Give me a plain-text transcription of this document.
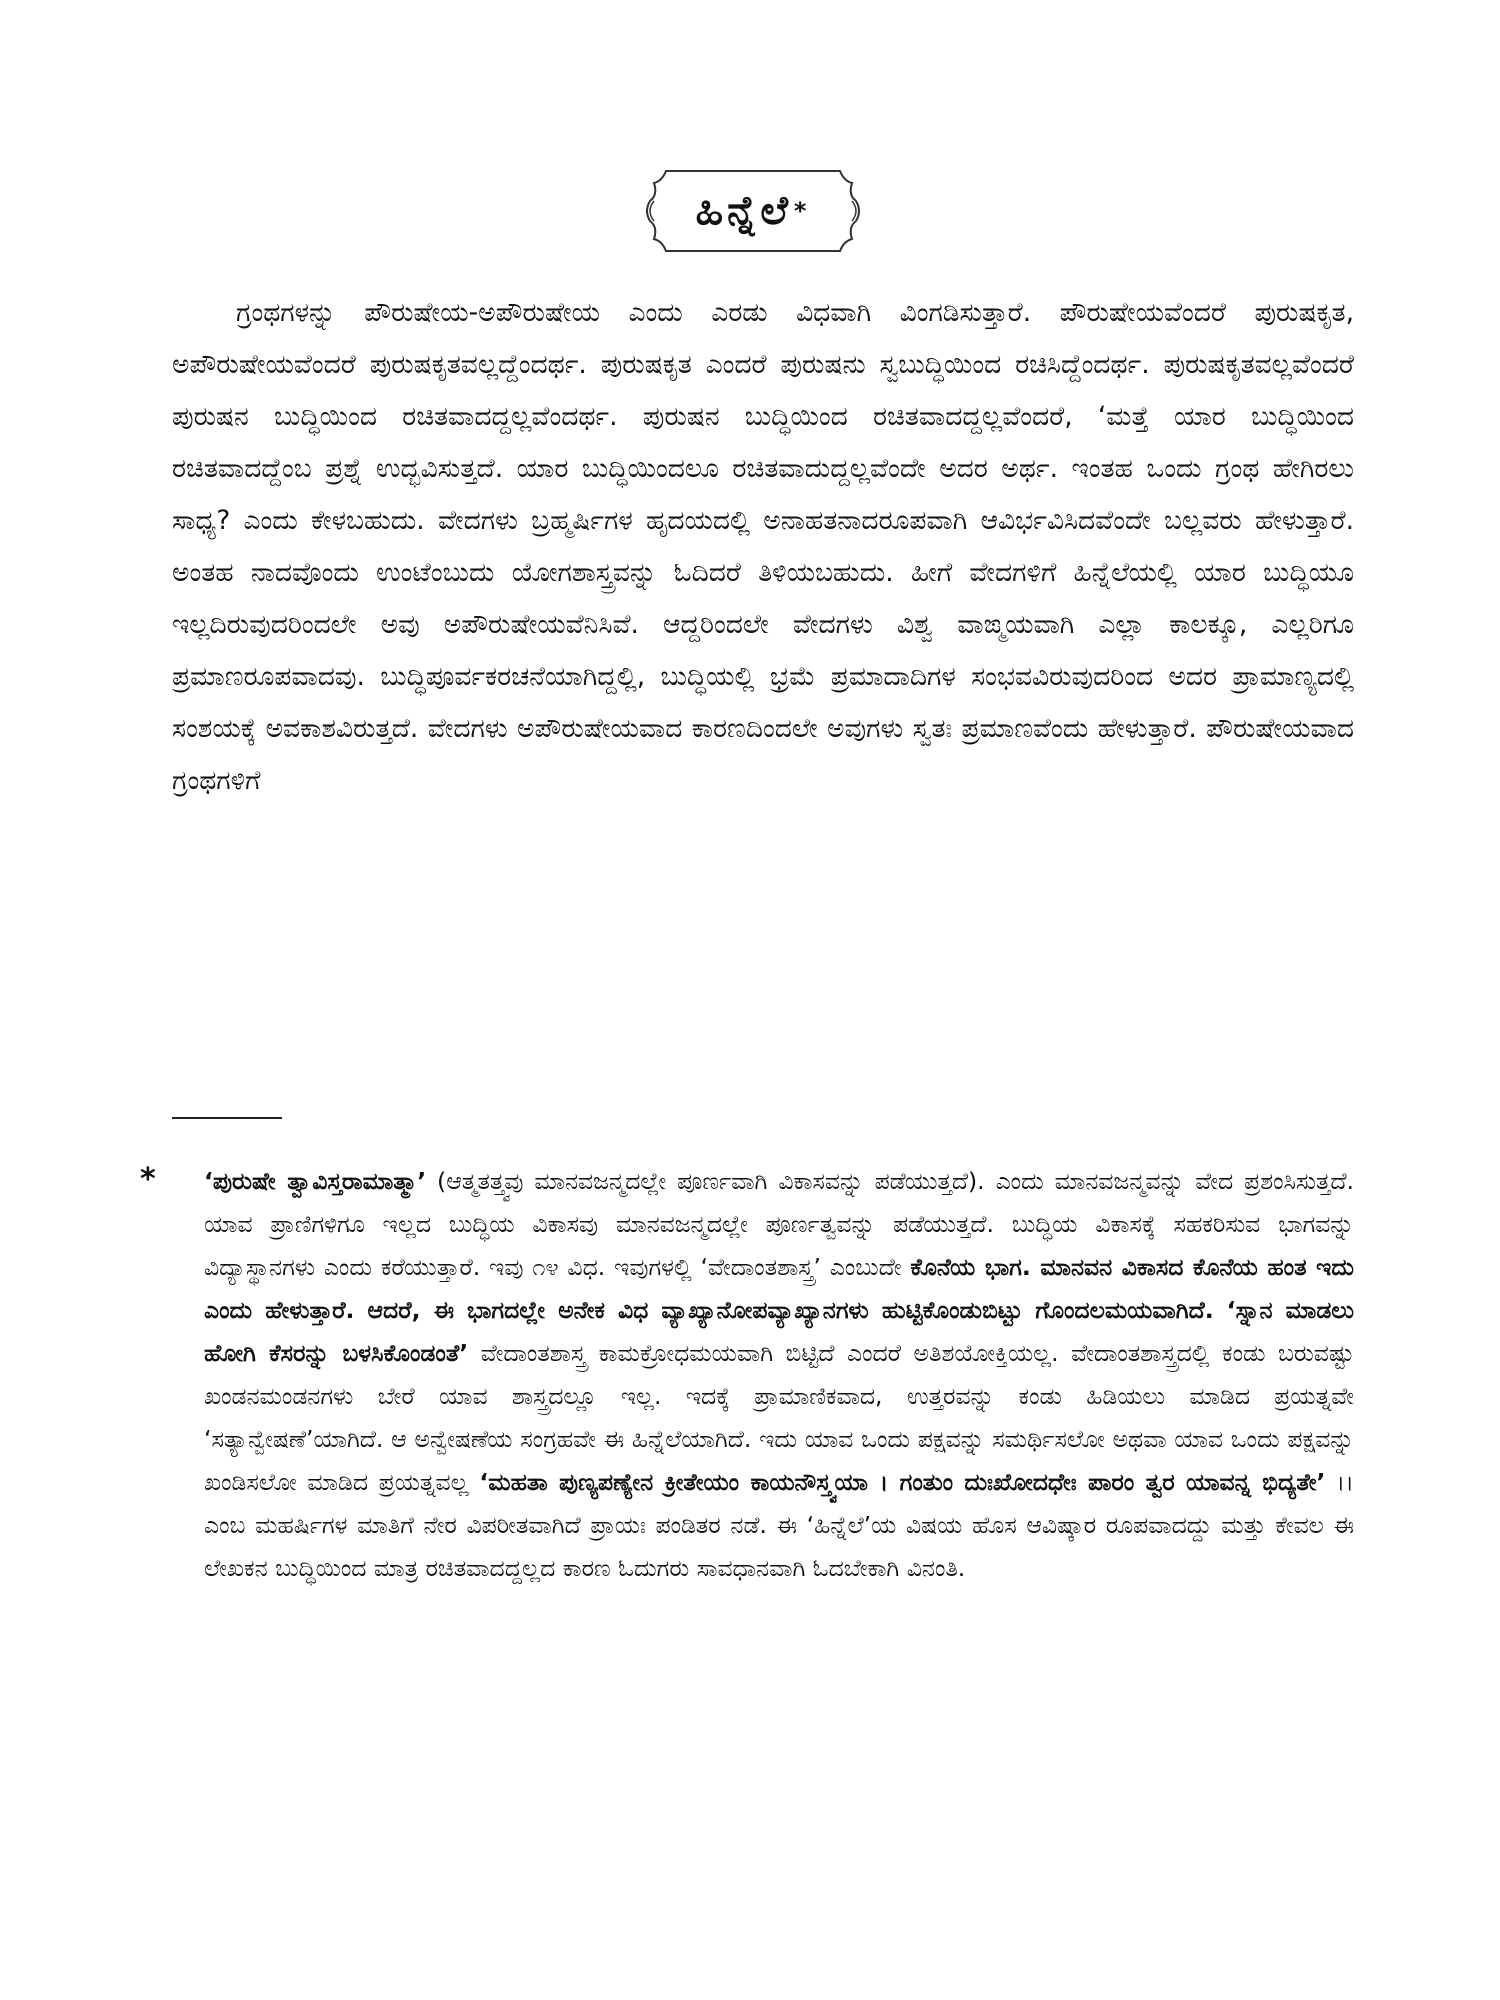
ಹಿನ್ನೆಲೆ *

ಗ್ರಂಥಗಳನ್ನು ಪೌರುಷೇಯ-ಅಪೌರುಷೇಯ ಎಂದು ಎರಡು ವಿಧವಾಗಿ ವಿಂಗಡಿಸುತ್ತಾರೆ. ಪೌರುಷೇಯವೆಂದರೆ ಪುರುಷಕೃತ, ಅಪೌರುಷೇಯವೆಂದರೆ ಪುರುಷಕೃತವಲ್ಲದ್ದೆಂದರ್ಥ. ಪುರುಷಕೃತ ಎಂದರೆ ಪುರುಷನು ಸ್ವಬುದ್ಧಿಯಿಂದ ರಚಿಸಿದ್ದೆಂದರ್ಥ. ಪುರುಷಕೃತವಲ್ಲವೆಂದರೆ ಪುರುಷನ ಬುದ್ಧಿಯಿಂದ ರಚಿತವಾದದ್ದಲ್ಲವೆಂದರ್ಥ. ಪುರುಷನ ಬುದ್ಧಿಯಿಂದ ರಚಿತವಾದದ್ದಲ್ಲವೆಂದರೆ, ‘ಮತ್ತೆ ಯಾರ ಬುದ್ಧಿಯಿಂದ ರಚಿತವಾದದ್ದೆಂಬ ಪ್ರಶ್ನೆ ಉದ್ಭವಿಸುತ್ತದೆ. ಯಾರ ಬುದ್ಧಿಯಿಂದಲೂ ರಚಿತವಾದುದ್ದಲ್ಲವೆಂದೇ ಅದರ ಅರ್ಥ. ಇಂತಹ ಒಂದು ಗ್ರಂಥ ಹೇಗಿರಲು ಸಾಧ್ಯ? ಎಂದು ಕೇಳಬಹುದು. ವೇದಗಳು ಬ್ರಹ್ಮರ್ಷಿಗಳ ಹೃದಯದಲ್ಲಿ ಅನಾಹತನಾದರೂಪವಾಗಿ ಆವಿರ್ಭವಿಸಿದವೆಂದೇ ಬಲ್ಲವರು ಹೇಳುತ್ತಾರೆ. ಅಂತಹ ನಾದವೊಂದು ಉಂಟೆಂಬುದು ಯೋಗಶಾಸ್ತ್ರವನ್ನು ಓದಿದರೆ ತಿಳಿಯಬಹುದು. ಹೀಗೆ ವೇದಗಳಿಗೆ ಹಿನ್ನೆಲೆಯಲ್ಲಿ ಯಾರ ಬುದ್ಧಿಯೂ ಇಲ್ಲದಿರುವುದರಿಂದಲೇ ಅವು ಅಪೌರುಷೇಯವೆನಿಸಿವೆ. ಆದ್ದರಿಂದಲೇ ವೇದಗಳು ವಿಶ್ವ ವಾಙ್ಮಯವಾಗಿ ಎಲ್ಲಾ ಕಾಲಕ್ಕೂ, ಎಲ್ಲರಿಗೂ ಪ್ರಮಾಣರೂಪವಾದವು. ಬುದ್ಧಿಪೂರ್ವಕರಚನೆಯಾಗಿದ್ದಲ್ಲಿ, ಬುದ್ಧಿಯಲ್ಲಿ ಭ್ರಮೆ ಪ್ರಮಾದಾದಿಗಳ ಸಂಭವವಿರುವುದರಿಂದ ಅದರ ಪ್ರಾಮಾಣ್ಯದಲ್ಲಿ ಸಂಶಯಕ್ಕೆ ಅವಕಾಶವಿರುತ್ತದೆ. ವೇದಗಳು ಅಪೌರುಷೇಯವಾದ ಕಾರಣದಿಂದಲೇ ಅವುಗಳು ಸ್ವತಃ ಪ್ರಮಾಣವೆಂದು ಹೇಳುತ್ತಾರೆ. ಪೌರುಷೇಯವಾದ ಗ್ರಂಥಗಳಿಗೆ

* ‘ಪುರುಷೇ ತ್ವಾವಿಸ್ತರಾಮಾತ್ಮಾ’ (ಆತ್ಮತತ್ತ್ವವು ಮಾನವಜನ್ಮದಲ್ಲೇ ಪೂರ್ಣವಾಗಿ ವಿಕಾಸವನ್ನು ಪಡೆಯುತ್ತದೆ). ಎಂದು ಮಾನವಜನ್ಮವನ್ನು ವೇದ ಪ್ರಶಂಸಿಸುತ್ತದೆ. ಯಾವ ಪ್ರಾಣಿಗಳಿಗೂ ಇಲ್ಲದ ಬುದ್ಧಿಯ ವಿಕಾಸವು ಮಾನವಜನ್ಮದಲ್ಲೇ ಪೂರ್ಣತ್ವವನ್ನು ಪಡೆಯುತ್ತದೆ. ಬುದ್ಧಿಯ ವಿಕಾಸಕ್ಕೆ ಸಹಕರಿಸುವ ಭಾಗವನ್ನು ವಿದ್ಯಾಸ್ಥಾನಗಳು ಎಂದು ಕರೆಯುತ್ತಾರೆ. ಇವು ೧೪ ವಿಧ. ಇವುಗಳಲ್ಲಿ ‘ವೇದಾಂತಶಾಸ್ತ್ರ’ ಎಂಬುದೇ ಕೊನೆಯ ಭಾಗ. ಮಾನವನ ವಿಕಾಸದ ಕೊನೆಯ ಹಂತ ಇದು ಎಂದು ಹೇಳುತ್ತಾರೆ. ಆದರೆ, ಈ ಭಾಗದಲ್ಲೇ ಅನೇಕ ವಿಧ ವ್ಯಾಖ್ಯಾನೋಪವ್ಯಾಖ್ಯಾನಗಳು ಹುಟ್ಟಿಕೊಂಡುಬಿಟ್ಟು ಗೊಂದಲಮಯವಾಗಿದೆ. ‘ಸ್ನಾನ ಮಾಡಲು ಹೋಗಿ ಕೆಸರನ್ನು ಬಳಸಿಕೊಂಡಂತೆ’ ವೇದಾಂತಶಾಸ್ತ್ರ ಕಾಮಕ್ರೋಧಮಯವಾಗಿ ಬಿಟ್ಟಿದೆ ಎಂದರೆ ಅತಿಶಯೋಕ್ತಿಯಲ್ಲ. ವೇದಾಂತಶಾಸ್ತ್ರದಲ್ಲಿ ಕಂಡು ಬರುವಷ್ಟು ಖಂಡನಮಂಡನಗಳು ಬೇರೆ ಯಾವ ಶಾಸ್ತ್ರದಲ್ಲೂ ಇಲ್ಲ. ಇದಕ್ಕೆ ಪ್ರಾಮಾಣಿಕವಾದ, ಉತ್ತರವನ್ನು ಕಂಡು ಹಿಡಿಯಲು ಮಾಡಿದ ಪ್ರಯತ್ನವೇ ‘ಸತ್ಯಾನ್ವೇಷಣೆ’ಯಾಗಿದೆ. ಆ ಅನ್ವೇಷಣೆಯ ಸಂಗ್ರಹವೇ ಈ ಹಿನ್ನೆಲೆಯಾಗಿದೆ. ಇದು ಯಾವ ಒಂದು ಪಕ್ಷವನ್ನು ಸಮರ್ಥಿಸಲೋ ಅಥವಾ ಯಾವ ಒಂದು ಪಕ್ಷವನ್ನು ಖಂಡಿಸಲೋ ಮಾಡಿದ ಪ್ರಯತ್ನವಲ್ಲ ‘ಮಹತಾ ಪುಣ್ಯಪಣ್ಯೇನ ಕ್ರೀತೇಯಂ ಕಾಯನೌಸ್ತ್ವಯಾ । ಗಂತುಂ ದುಃಖೋದಧೇಃ ಪಾರಂ ತ್ವರ ಯಾವನ್ನ ಭಿದ್ಯತೇ’ ।। ಎಂಬ ಮಹರ್ಷಿಗಳ ಮಾತಿಗೆ ನೇರ ವಿಪರೀತವಾಗಿದೆ ಪ್ರಾಯಃ ಪಂಡಿತರ ನಡೆ. ಈ ‘ಹಿನ್ನೆಲೆ’ಯ ವಿಷಯ ಹೊಸ ಆವಿಷ್ಕಾರ ರೂಪವಾದದ್ದು ಮತ್ತು ಕೇವಲ ಈ ಲೇಖಕನ ಬುದ್ಧಿಯಿಂದ ಮಾತ್ರ ರಚಿತವಾದದ್ದಲ್ಲದ ಕಾರಣ ಓದುಗರು ಸಾವಧಾನವಾಗಿ ಓದಬೇಕಾಗಿ ವಿನಂತಿ.
